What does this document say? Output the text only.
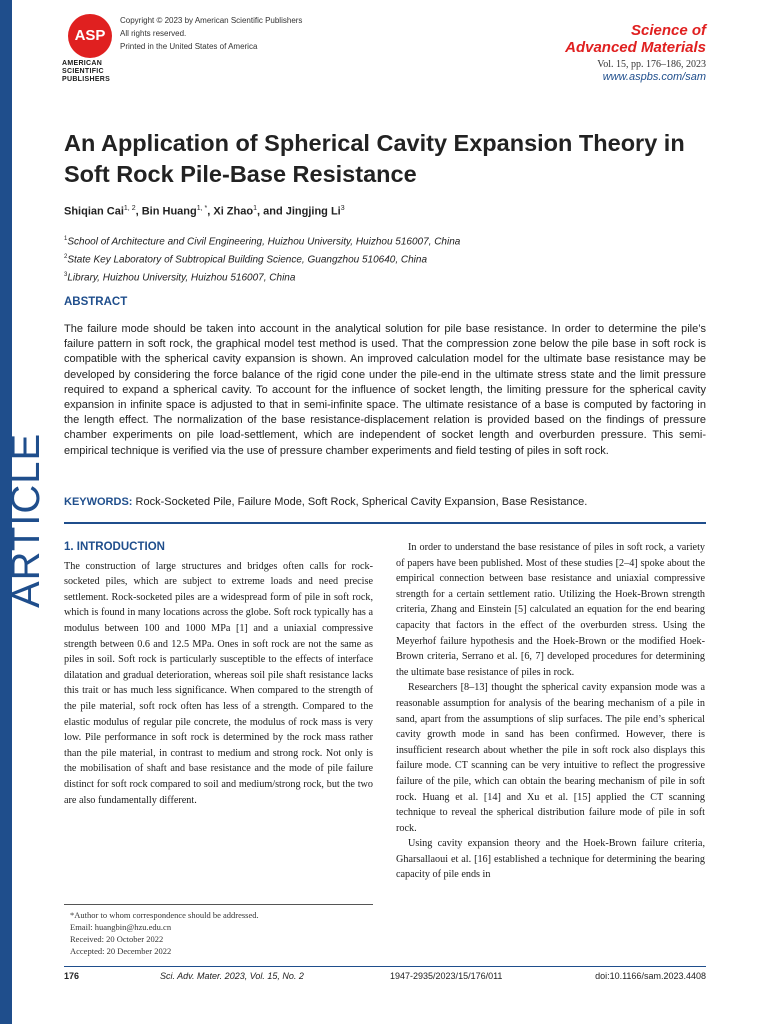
ARTICLE
ASP
AMERICAN
SCIENTIFIC
PUBLISHERS
Copyright © 2023 by American Scientific Publishers
All rights reserved.
Printed in the United States of America
Science of
Advanced Materials
Vol. 15, pp. 176–186, 2023
www.aspbs.com/sam
An Application of Spherical Cavity Expansion Theory in Soft Rock Pile-Base Resistance
Shiqian Cai$^{1, 2}$, Bin Huang$^{1, *}$, Xi Zhao$^1$, and Jingjing Li$^3$
$^1$School of Architecture and Civil Engineering, Huizhou University, Huizhou 516007, China
$^2$State Key Laboratory of Subtropical Building Science, Guangzhou 510640, China
$^3$Library, Huizhou University, Huizhou 516007, China
ABSTRACT
The failure mode should be taken into account in the analytical solution for pile base resistance. In order to determine the pile’s failure pattern in soft rock, the graphical model test method is used. That the compression zone below the pile base in soft rock is compatible with the spherical cavity expansion is shown. An improved calculation model for the ultimate base resistance may be developed by considering the force balance of the rigid cone under the pile-end in the ultimate stress state and the limit pressure required to expand a spherical cavity. To account for the influence of socket length, the limiting pressure for the spherical cavity expansion in infinite space is adjusted to that in semi-infinite space. The ultimate resistance of a base is computed by factoring in the length effect. The normalization of the base resistance-displacement relation is provided based on the findings of pressure chamber experiments on pile load-settlement, which are independent of socket length and overburden pressure. This semi-empirical technique is verified via the use of pressure chamber experiments and field testing of piles in soft rock.
KEYWORDS: Rock-Socketed Pile, Failure Mode, Soft Rock, Spherical Cavity Expansion, Base Resistance.
1. INTRODUCTION

The construction of large structures and bridges often calls for rock-socketed piles, which are subject to extreme loads and need precise settlement. Rock-socketed piles are a widespread form of pile in soft rock, which is found in many locations across the globe. Soft rock typically has a modulus between 100 and 1000 MPa [1] and a uniaxial compressive strength between 0.6 and 12.5 MPa. Ones in soft rock are not the same as piles in soil. Soft rock is particularly susceptible to the effects of interface dilatation and gradual deterioration, whereas soil pile shaft resistance lacks this trait or has much less significance. When compared to the strength of the pile material, soft rock often has less of a strength. Compared to the elastic modulus of regular pile concrete, the modulus of rock mass is very low. Pile performance in soft rock is determined by the rock mass rather than the pile material, in contrast to medium and strong rock. Not only is the mobilisation of shaft and base resistance and the mode of pile failure distinct for soft rock compared to soil and medium/strong rock, but the two are also fundamentally different.

In order to understand the base resistance of piles in soft rock, a variety of papers have been published. Most of these studies [2–4] spoke about the empirical connection between base resistance and uniaxial compressive strength for a certain settlement ratio. Utilizing the Hoek-Brown strength criteria, Zhang and Einstein [5] calculated an equation for the end bearing capacity that factors in the effect of the overburden stress. Using the Meyerhof failure hypothesis and the Hoek-Brown or the modified Hoek-Brown criteria, Serrano et al. [6, 7] developed procedures for determining the ultimate base resistance of piles in rock.

Researchers [8–13] thought the spherical cavity expansion mode was a reasonable assumption for analysis of the bearing mechanism of a pile in sand, apart from the assumptions of slip surfaces. The pile end’s spherical cavity growth mode in sand has been confirmed. However, there is insufficient research about whether the pile in soft rock also displays this failure mode. CT scanning can be very intuitive to reflect the progressive failure of the pile, which can obtain the bearing mechanism of pile in soft rock. Huang et al. [14] and Xu et al. [15] applied the CT scanning technique to reveal the spherical distribution failure mode of pile in soft rock.

Using cavity expansion theory and the Hoek-Brown failure criteria, Gharsallaoui et al. [16] established a technique for determining the bearing capacity of pile ends in

*Author to whom correspondence should be addressed.
Email: huangbin@hzu.edu.cn
Received: 20 October 2022
Accepted: 20 December 2022
176	Sci. Adv. Mater. 2023, Vol. 15, No. 2	1947-2935/2023/15/176/011	doi:10.1166/sam.2023.4408
